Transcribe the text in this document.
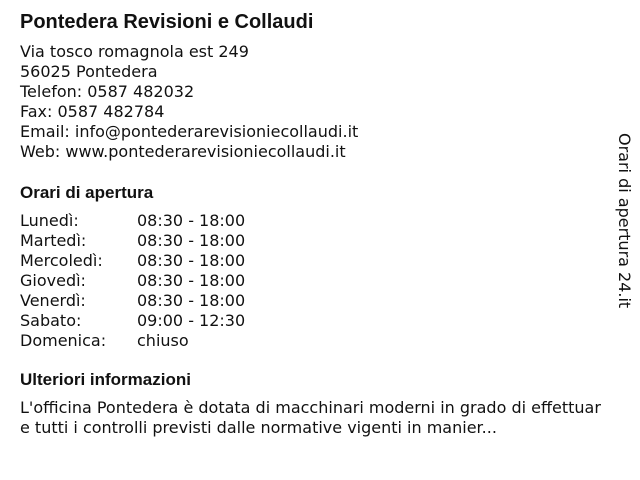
Pontedera Revisioni e Collaudi
Via tosco romagnola est 249
56025 Pontedera
Telefon: 0587 482032
Fax: 0587 482784
Email: info@pontederarevisioniecollaudi.it
Web: www.pontederarevisioniecollaudi.it
Orari di apertura
Lunedì:	08:30 - 18:00
Martedì:	08:30 - 18:00
Mercoledì:	08:30 - 18:00
Giovedì:	08:30 - 18:00
Venerdì:	08:30 - 18:00
Sabato:	09:00 - 12:30
Domenica:	chiuso
Ulteriori informazioni
L'officina Pontedera è dotata di macchinari moderni in grado di effettuare tutti i controlli previsti dalle normative vigenti in manier...
Orari di apertura 24.it
